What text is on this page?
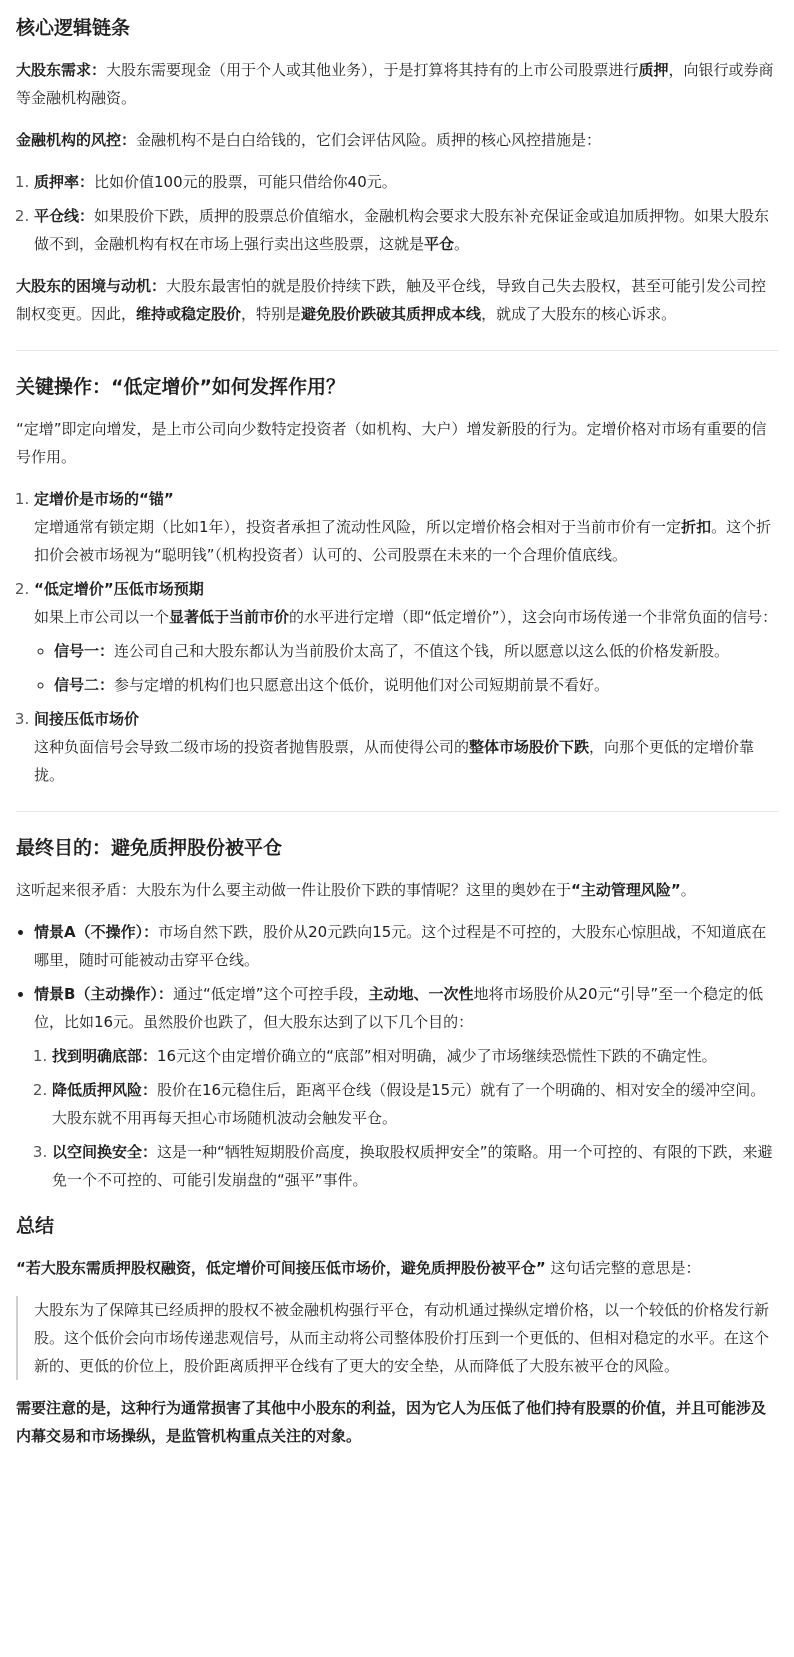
核心逻辑链条

大股东需求：大股东需要现金（用于个人或其他业务），于是打算将其持有的上市公司股票进行质押，向银行或券商等金融机构融资。

金融机构的风控：金融机构不是白白给钱的，它们会评估风险。质押的核心风控措施是：

1. 质押率：比如价值100元的股票，可能只借给你40元。
2. 平仓线：如果股价下跌，质押的股票总价值缩水，金融机构会要求大股东补充保证金或追加质押物。如果大股东做不到，金融机构有权在市场上强行卖出这些股票，这就是平仓。

大股东的困境与动机：大股东最害怕的就是股价持续下跌，触及平仓线，导致自己失去股权，甚至可能引发公司控制权变更。因此，维持或稳定股价，特别是避免股价跌破其质押成本线，就成了大股东的核心诉求。

关键操作：“低定增价”如何发挥作用？

“定增”即定向增发，是上市公司向少数特定投资者（如机构、大户）增发新股的行为。定增价格对市场有重要的信号作用。

1. 定增价是市场的“锚”
定增通常有锁定期（比如1年），投资者承担了流动性风险，所以定增价格会相对于当前市价有一定折扣。这个折扣价会被市场视为“聪明钱”（机构投资者）认可的、公司股票在未来的一个合理价值底线。
2. “低定增价”压低市场预期
如果上市公司以一个显著低于当前市价的水平进行定增（即“低定增价”），这会向市场传递一个非常负面的信号：
◦ 信号一：连公司自己和大股东都认为当前股价太高了，不值这个钱，所以愿意以这么低的价格发新股。
◦ 信号二：参与定增的机构们也只愿意出这个低价，说明他们对公司短期前景不看好。
3. 间接压低市场价
这种负面信号会导致二级市场的投资者抛售股票，从而使得公司的整体市场股价下跌，向那个更低的定增价靠拢。
最终目的：避免质押股份被平仓

这听起来很矛盾：大股东为什么要主动做一件让股价下跌的事情呢？这里的奥妙在于“主动管理风险”。

• 情景A（不操作）：市场自然下跌，股价从20元跌向15元。这个过程是不可控的，大股东心惊胆战，不知道底在哪里，随时可能被动击穿平仓线。
• 情景B（主动操作）：通过“低定增”这个可控手段，主动地、一次性地将市场股价从20元“引导”至一个稳定的低位，比如16元。虽然股价也跌了，但大股东达到了以下几个目的：
1. 找到明确底部：16元这个由定增价确立的“底部”相对明确，减少了市场继续恐慌性下跌的不确定性。
2. 降低质押风险：股价在16元稳住后，距离平仓线（假设是15元）就有了一个明确的、相对安全的缓冲空间。大股东就不用再每天担心市场随机波动会触发平仓。
3. 以空间换安全：这是一种“牺牲短期股价高度，换取股权质押安全”的策略。用一个可控的、有限的下跌，来避免一个不可控的、可能引发崩盘的“强平”事件。
总结

“若大股东需质押股权融资，低定增价可间接压低市场价，避免质押股份被平仓” 这句话完整的意思是：

大股东为了保障其已经质押的股权不被金融机构强行平仓，有动机通过操纵定增价格，以一个较低的价格发行新股。这个低价会向市场传递悲观信号，从而主动将公司整体股价打压到一个更低的、但相对稳定的水平。在这个新的、更低的价位上，股价距离质押平仓线有了更大的安全垫，从而降低了大股东被平仓的风险。

需要注意的是，这种行为通常损害了其他中小股东的利益，因为它人为压低了他们持有股票的价值，并且可能涉及内幕交易和市场操纵，是监管机构重点关注的对象。
